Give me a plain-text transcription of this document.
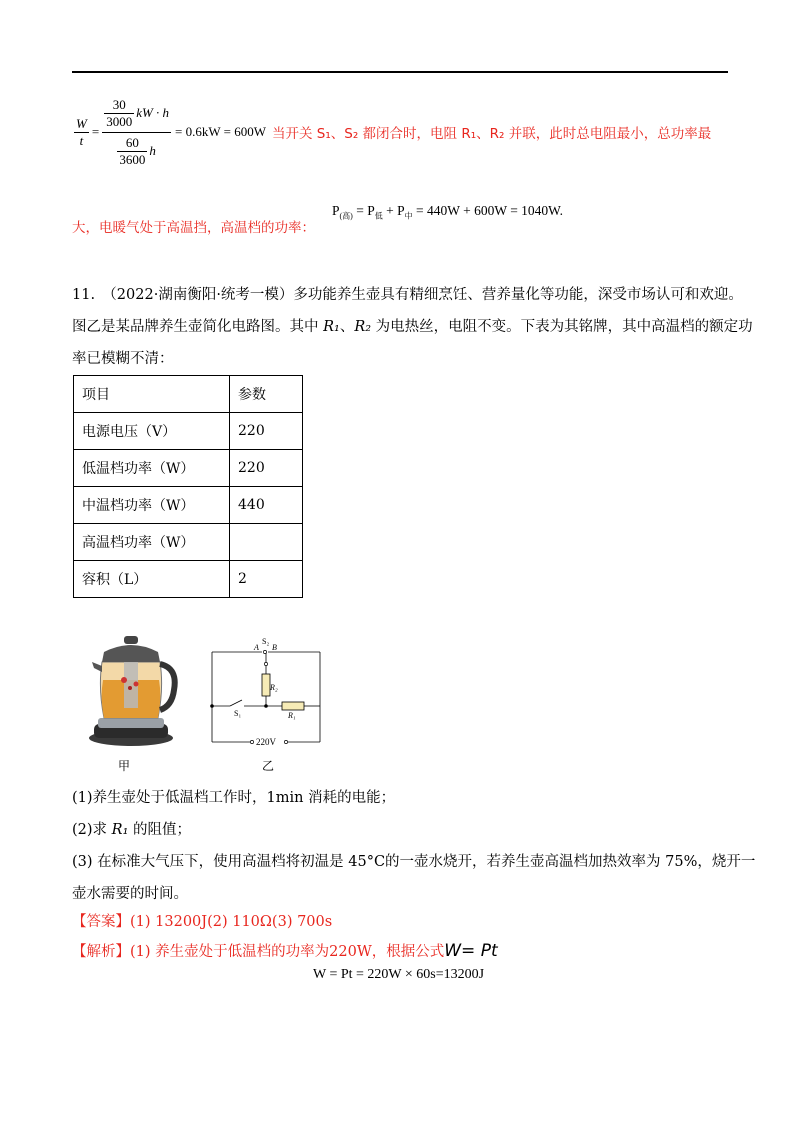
$\frac{W}{t} = \frac{\frac{30}{3000} kW \cdot h}{\frac{60}{3600} h} = 0.6kW = 600W$ 当开关 S₁、S₂ 都闭合时，电阻 R₁、R₂ 并联，此时总电阻最小，总功率最
大，电暖气处于高温挡，高温档的功率：
$P_{(高)} = P_低 + P_中 = 440W + 600W = 1040W$.
11.　（2022·湖南衡阳·统考一模）多功能养生壶具有精细烹饪、营养量化等功能，深受市场认可和欢迎。
图乙是某品牌养生壶简化电路图。其中 R₁、R₂ 为电热丝，电阻不变。下表为其铭牌，其中高温档的额定功
率已模糊不清：
项目	参数
电源电压（V）	220
低温档功率（W）	220
中温档功率（W）	440
高温档功率（W）	
容积（L）	2
甲
A B
S₂
S₁
R₂
R₁
220V
乙
(1)养生壶处于低温档工作时，1min 消耗的电能；
(2)求 R₁ 的阻值；
(3) 在标准大气压下，使用高温档将初温是 45°C的一壶水烧开，若养生壶高温档加热效率为 75%，烧开一
壶水需要的时间。
【答案】(1) 13200J(2) 110Ω(3) 700s
【解析】(1) 养生壶处于低温档的功率为220W，根据公式W= Pt
W = Pt = 220W × 60s=13200J
